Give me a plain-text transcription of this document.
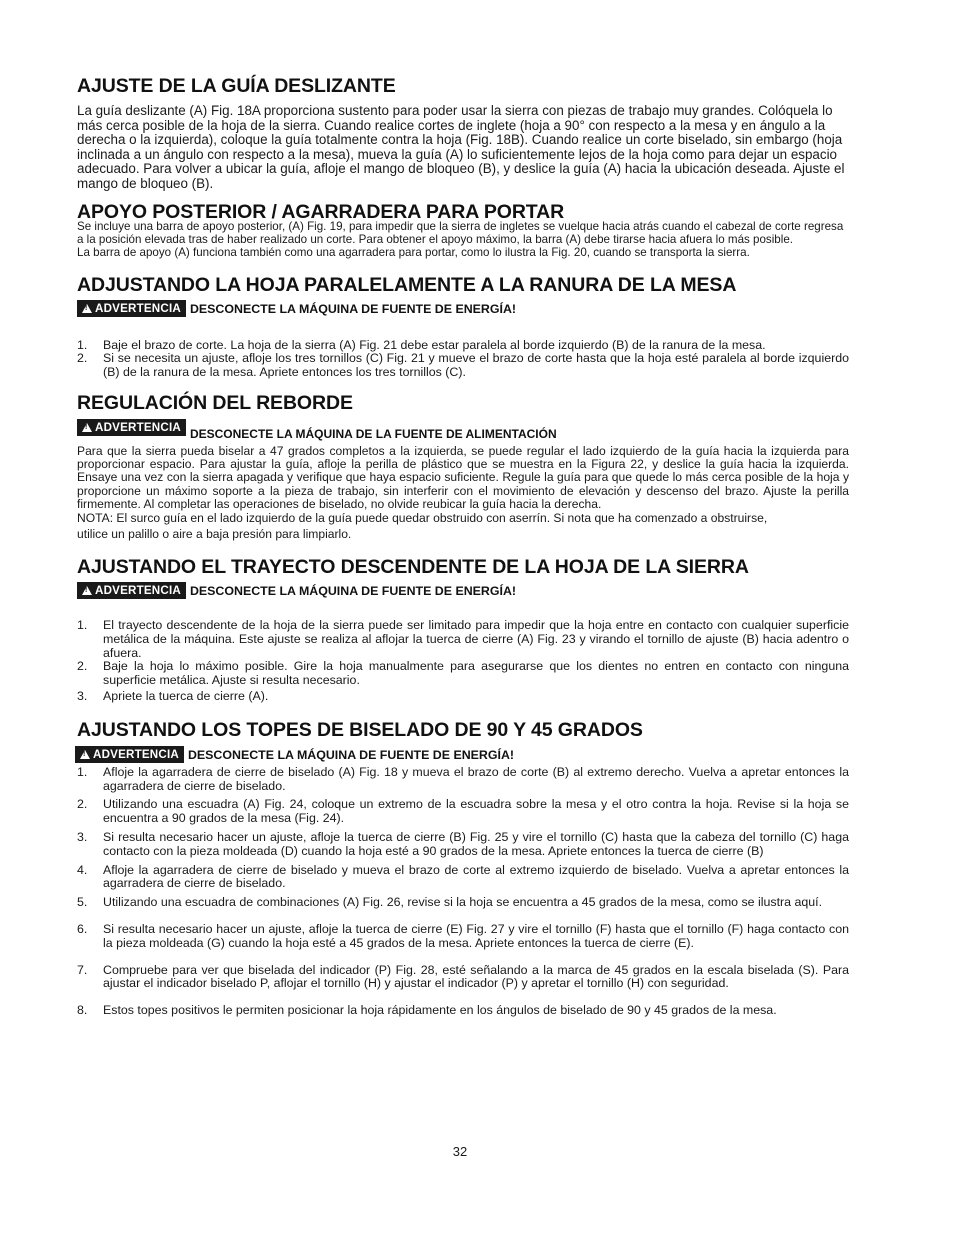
AJUSTE DE LA GUÍA DESLIZANTE

La guía deslizante (A) Fig. 18A proporciona sustento para poder usar la sierra con piezas de trabajo muy grandes. Colóquela lo más cerca posible de la hoja de la sierra. Cuando realice cortes de inglete (hoja a 90° con respecto a la mesa y en ángulo a la derecha o la izquierda), coloque la guía totalmente contra la hoja (Fig. 18B). Cuando realice un corte biselado, sin embargo (hoja inclinada a un ángulo con respecto a la mesa), mueva la guía (A) lo suficientemente lejos de la hoja como para dejar un espacio adecuado. Para volver a ubicar la guía, afloje el mango de bloqueo (B), y deslice la guía (A) hacia la ubicación deseada. Ajuste el mango de bloqueo (B).

APOYO POSTERIOR / AGARRADERA PARA PORTAR

Se incluye una barra de apoyo posterior, (A) Fig. 19, para impedir que la sierra de ingletes se vuelque hacia atrás cuando el cabezal de corte regresa a la posición elevada tras de haber realizado un corte. Para obtener el apoyo máximo, la barra (A) debe tirarse hacia afuera lo más posible.

La barra de apoyo (A) funciona también como una agarradera para portar, como lo ilustra la Fig. 20, cuando se transporta la sierra.

ADJUSTANDO LA HOJA PARALELAMENTE A LA RANURA DE LA MESA
!
ADVERTENCIA DESCONECTE LA MÁQUINA DE FUENTE DE ENERGÍA!
1.	Baje el brazo de corte. La hoja de la sierra (A) Fig. 21 debe estar paralela al borde izquierdo (B) de la ranura de la mesa.
2.	Si se necesita un ajuste, afloje los tres tornillos (C) Fig. 21 y mueve el brazo de corte hasta que la hoja esté paralela al borde izquierdo (B) de la ranura de la mesa. Apriete entonces los tres tornillos (C).
REGULACIÓN DEL REBORDE
!
ADVERTENCIA DESCONECTE LA MÁQUINA DE LA FUENTE DE ALIMENTACIÓN

Para que la sierra pueda biselar a 47 grados completos a la izquierda, se puede regular el lado izquierdo de la guía hacia la izquierda para proporcionar espacio. Para ajustar la guía, afloje la perilla de plástico que se muestra en la Figura 22, y deslice la guía hacia la izquierda. Ensaye una vez con la sierra apagada y verifique que haya espacio suficiente. Regule la guía para que quede lo más cerca posible de la hoja y proporcione un máximo soporte a la pieza de trabajo, sin interferir con el movimiento de elevación y descenso del brazo. Ajuste la perilla firmemente. Al completar las operaciones de biselado, no olvide reubicar la guía hacia la derecha.

NOTA: El surco guía en el lado izquierdo de la guía puede quedar obstruido con aserrín. Si nota que ha comenzado a obstruirse,

utilice un palillo o aire a baja presión para limpiarlo.

AJUSTANDO EL TRAYECTO DESCENDENTE DE LA HOJA DE LA SIERRA
!
ADVERTENCIA DESCONECTE LA MÁQUINA DE FUENTE DE ENERGÍA!
1.	El trayecto descendente de la hoja de la sierra puede ser limitado para impedir que la hoja entre en contacto con cualquier superficie metálica de la máquina. Este ajuste se realiza al aflojar la tuerca de cierre (A) Fig. 23 y virando el tornillo de ajuste (B) hacia adentro o afuera.
2.	Baje la hoja lo máximo posible. Gire la hoja manualmente para asegurarse que los dientes no entren en contacto con ninguna superficie metálica. Ajuste si resulta necesario.
3.	Apriete la tuerca de cierre (A).
AJUSTANDO LOS TOPES DE BISELADO DE 90 Y 45 GRADOS
!
ADVERTENCIA DESCONECTE LA MÁQUINA DE FUENTE DE ENERGÍA!
1.	Afloje la agarradera de cierre de biselado (A) Fig. 18 y mueva el brazo de corte (B) al extremo derecho. Vuelva a apretar entonces la agarradera de cierre de biselado.
2.	Utilizando una escuadra (A) Fig. 24, coloque un extremo de la escuadra sobre la mesa y el otro contra la hoja. Revise si la hoja se encuentra a 90 grados de la mesa (Fig. 24).
3.	Si resulta necesario hacer un ajuste, afloje la tuerca de cierre (B) Fig. 25 y vire el tornillo (C) hasta que la cabeza del tornillo (C) haga contacto con la pieza moldeada (D) cuando la hoja esté a 90 grados de la mesa. Apriete entonces la tuerca de cierre (B)
4.	Afloje la agarradera de cierre de biselado y mueva el brazo de corte al extremo izquierdo de biselado. Vuelva a apretar entonces la agarradera de cierre de biselado.
5.	Utilizando una escuadra de combinaciones (A) Fig. 26, revise si la hoja se encuentra a 45 grados de la mesa, como se ilustra aquí.
6.	Si resulta necesario hacer un ajuste, afloje la tuerca de cierre (E) Fig. 27 y vire el tornillo (F) hasta que el tornillo (F) haga contacto con la pieza moldeada (G) cuando la hoja esté a 45 grados de la mesa. Apriete entonces la tuerca de cierre (E).
7.	Compruebe para ver que biselada del indicador (P) Fig. 28, esté señalando a la marca de 45 grados en la escala biselada (S). Para ajustar el indicador biselado P, aflojar el tornillo (H) y ajustar el indicador (P) y apretar el tornillo (H) con seguridad.
8.	Estos topes positivos le permiten posicionar la hoja rápidamente en los ángulos de biselado de 90 y 45 grados de la mesa.
32
